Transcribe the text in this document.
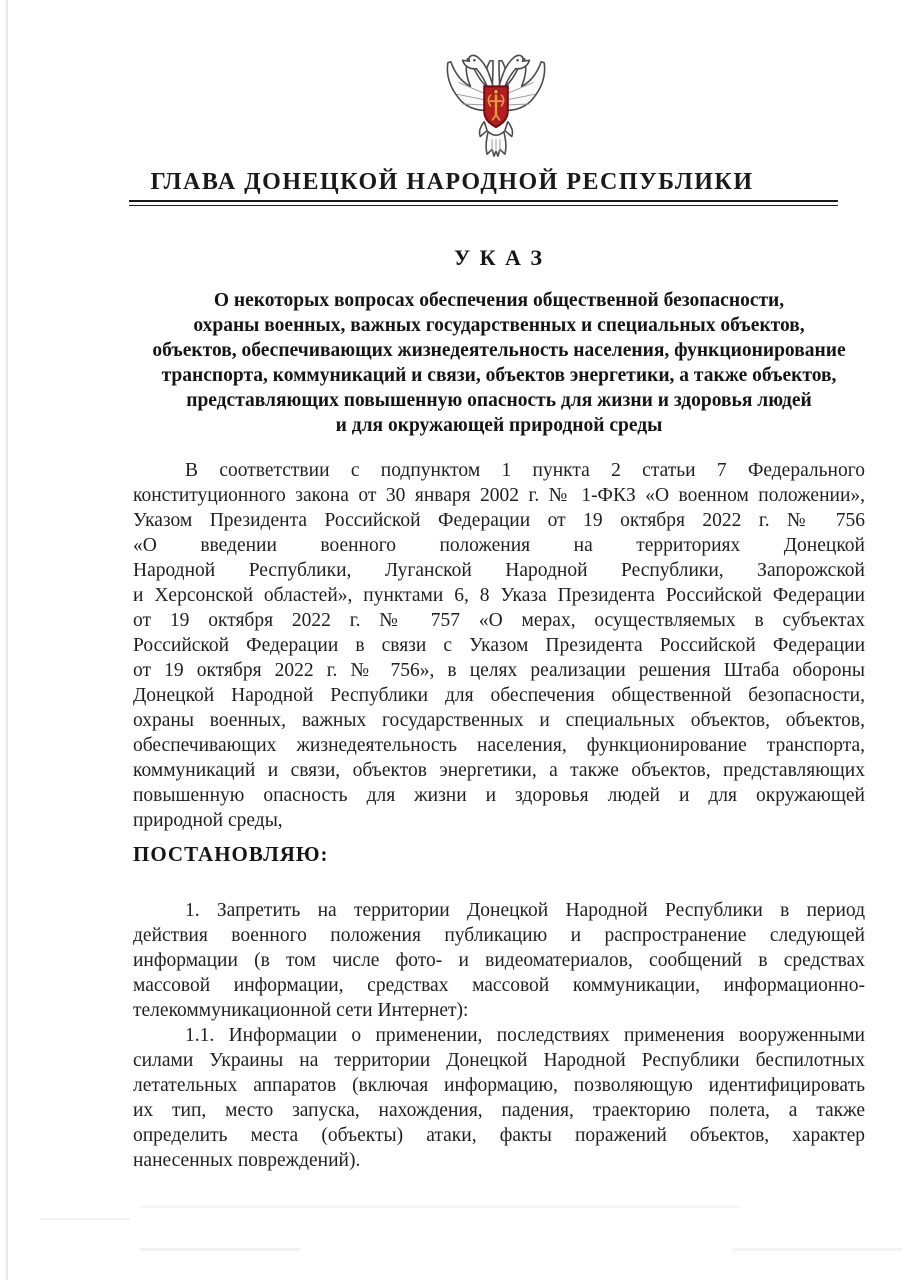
ГЛАВА ДОНЕЦКОЙ НАРОДНОЙ РЕСПУБЛИКИ
У К А З
О некоторых вопросах обеспечения общественной безопасности,
охраны военных, важных государственных и специальных объектов,
объектов, обеспечивающих жизнедеятельность населения, функционирование
транспорта, коммуникаций и связи, объектов энергетики, а также объектов,
представляющих повышенную опасность для жизни и здоровья людей
и для окружающей природной среды
В соответствии с подпунктом 1 пункта 2 статьи 7 Федерального
конституционного закона от 30 января 2002 г. № 1-ФКЗ «О военном положении»,
Указом Президента Российской Федерации от 19 октября 2022 г. № 756
«О введении военного положения на территориях Донецкой
Народной Республики, Луганской Народной Республики, Запорожской
и Херсонской областей», пунктами 6, 8 Указа Президента Российской Федерации
от 19 октября 2022 г. № 757 «О мерах, осуществляемых в субъектах
Российской Федерации в связи с Указом Президента Российской Федерации
от 19 октября 2022 г. № 756», в целях реализации решения Штаба обороны
Донецкой Народной Республики для обеспечения общественной безопасности,
охраны военных, важных государственных и специальных объектов, объектов,
обеспечивающих жизнедеятельность населения, функционирование транспорта,
коммуникаций и связи, объектов энергетики, а также объектов, представляющих
повышенную опасность для жизни и здоровья людей и для окружающей
природной среды,
ПОСТАНОВЛЯЮ:
1. Запретить на территории Донецкой Народной Республики в период
действия военного положения публикацию и распространение следующей
информации (в том числе фото- и видеоматериалов, сообщений в средствах
массовой информации, средствах массовой коммуникации, информационно-
телекоммуникационной сети Интернет):
1.1. Информации о применении, последствиях применения вооруженными
силами Украины на территории Донецкой Народной Республики беспилотных
летательных аппаратов (включая информацию, позволяющую идентифицировать
их тип, место запуска, нахождения, падения, траекторию полета, а также
определить места (объекты) атаки, факты поражений объектов, характер
нанесенных повреждений).
